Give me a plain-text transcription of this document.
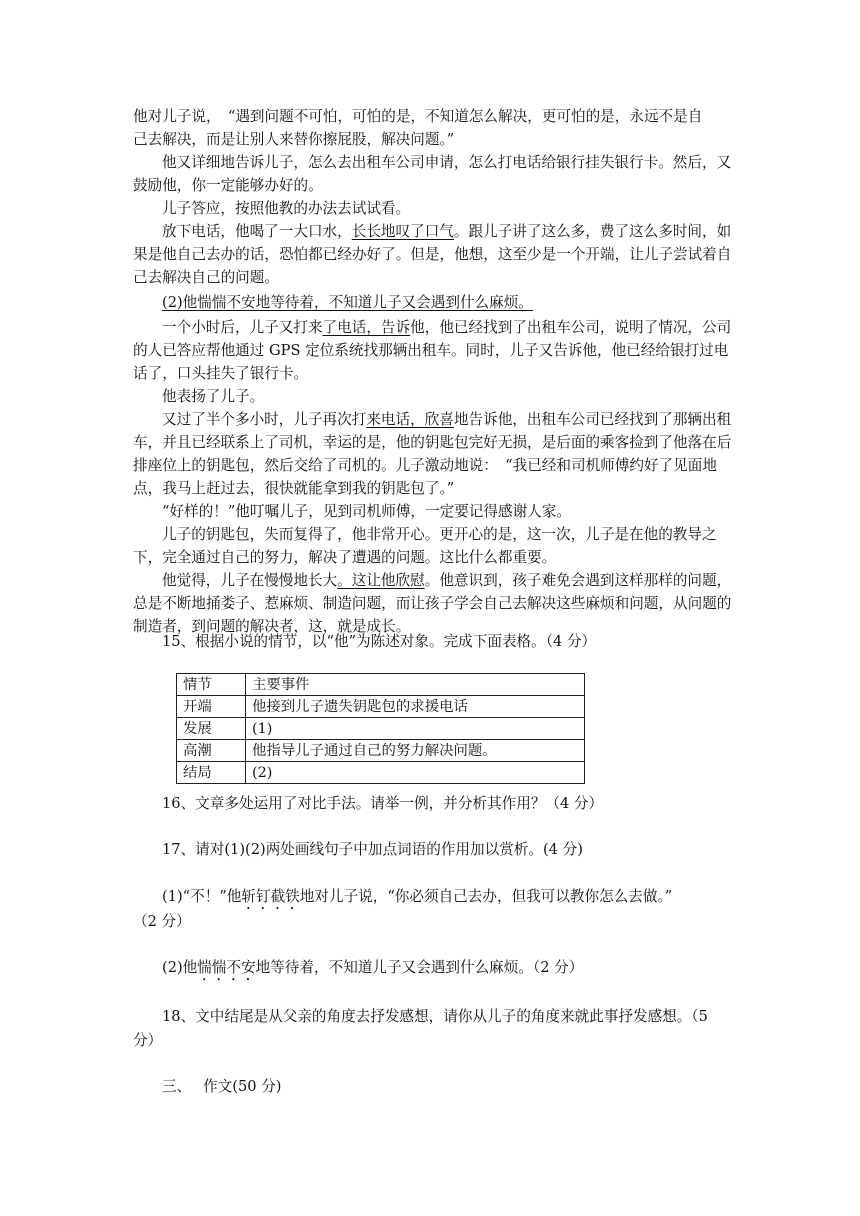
他对儿子说，　“遇到问题不可怕，可怕的是，不知道怎么解决，更可怕的是，永远不是自
己去解决，而是让别人来替你擦屁股，解决问题。”

他又详细地告诉儿子，怎么去出租车公司申请，怎么打电话给银行挂失银行卡。然后，又鼓励他，你一定能够办好的。

儿子答应，按照他教的办法去试试看。

放下电话，他喝了一大口水，长长地叹了口气。跟儿子讲了这么多，费了这么多时间，如果是他自己去办的话，恐怕都已经办好了。但是，他想，这至少是一个开端，让儿子尝试着自己去解决自己的问题。

(2)他惴惴不安地等待着，不知道儿子又会遇到什么麻烦。

一个小时后，儿子又打来了电话，告诉他，他已经找到了出租车公司，说明了情况，公司的人已答应帮他通过 GPS 定位系统找那辆出租车。同时，儿子又告诉他，他已经给银打过电话了，口头挂失了银行卡。

他表扬了儿子。

又过了半个多小时，儿子再次打来电话，欣喜地告诉他，出租车公司已经找到了那辆出租车，并且已经联系上了司机，幸运的是，他的钥匙包完好无损，是后面的乘客捡到了他落在后排座位上的钥匙包，然后交给了司机的。儿子激动地说：　“我已经和司机师傅约好了见面地点，我马上赶过去，很快就能拿到我的钥匙包了。”

“好样的！”他叮嘱儿子，见到司机师傅，一定要记得感谢人家。

儿子的钥匙包，失而复得了，他非常开心。更开心的是，这一次，儿子是在他的教导之下，完全通过自己的努力，解决了遭遇的问题。这比什么都重要。

他觉得，儿子在慢慢地长大。这让他欣慰。他意识到，孩子难免会遇到这样那样的问题，总是不断地捅娄子、惹麻烦、制造问题，而让孩子学会自己去解决这些麻烦和问题，从问题的制造者，到问题的解决者，这，就是成长。

15、根据小说的情节，以“他”为陈述对象。完成下面表格。（4 分）
情节	主要事件
开端	他接到儿子遗失钥匙包的求援电话
发展	(1)
高潮	他指导儿子通过自己的努力解决问题。
结局	(2)
16、文章多处运用了对比手法。请举一例，并分析其作用？（4 分）
17、请对(1)(2)两处画线句子中加点词语的作用加以赏析。(4 分)
(1)“不！”他斩钉截铁地对儿子说，“你必须自己去办，但我可以教你怎么去做。”
（2 分）
(2)他惴惴不安地等待着，不知道儿子又会遇到什么麻烦。（2 分）
18、文中结尾是从父亲的角度去抒发感想，请你从儿子的角度来就此事抒发感想。（5
分）
三、　 作文(50 分)
